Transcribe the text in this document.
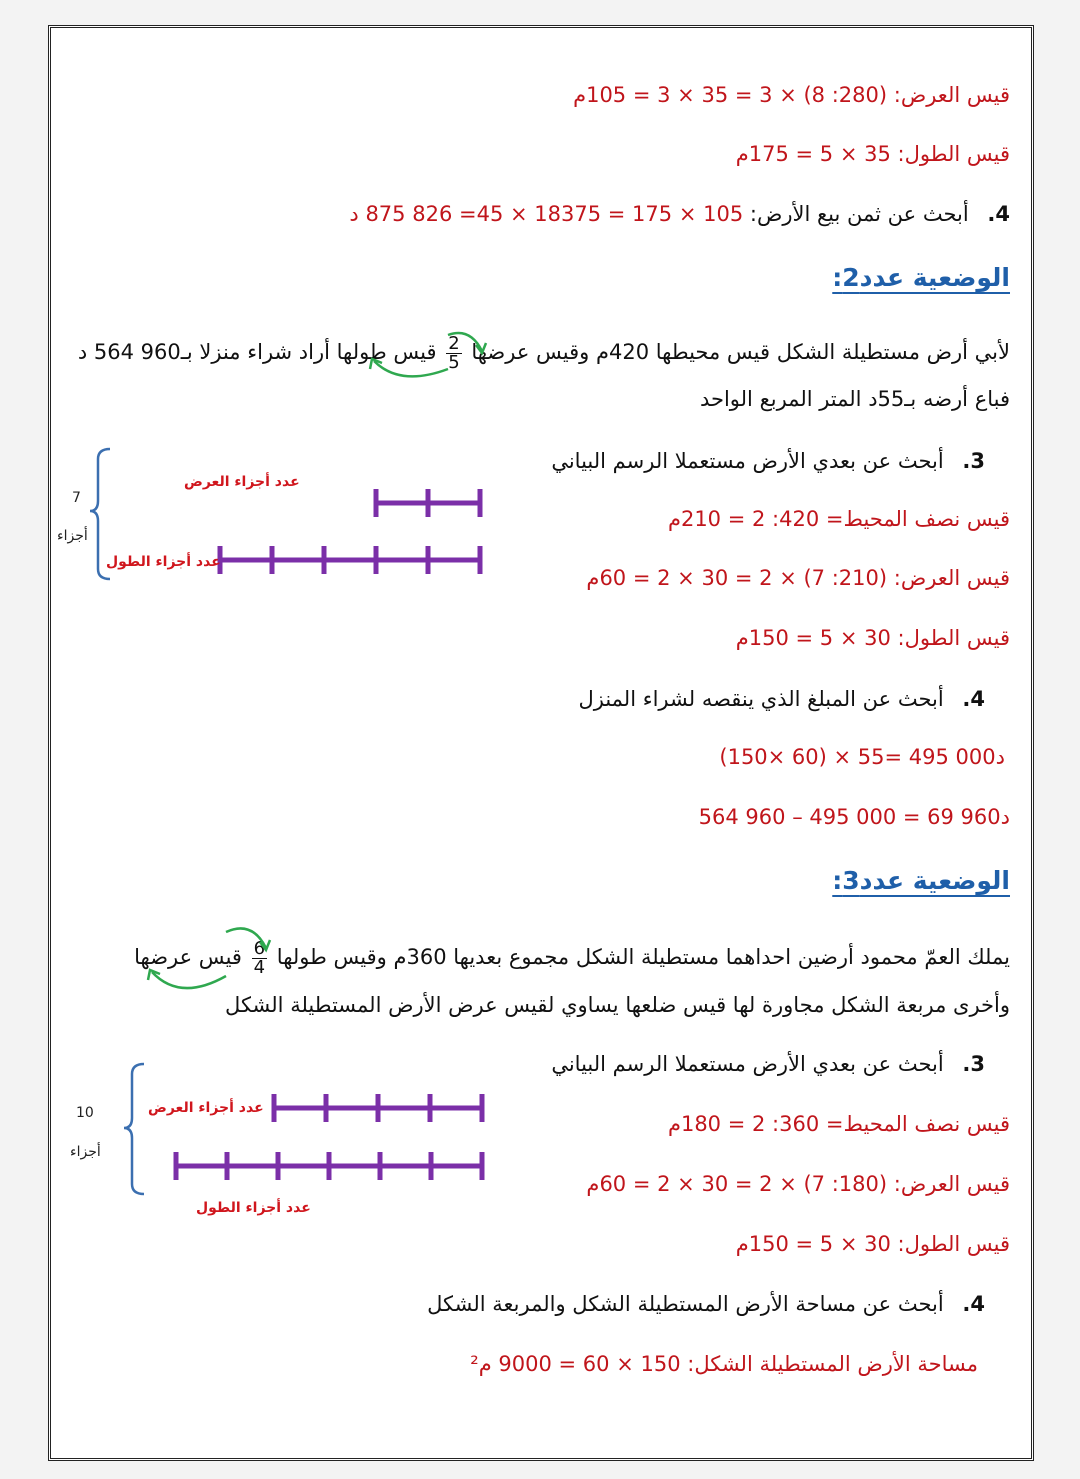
قيس العرض: (280: 8) × 3 = 35 × 3 = 105م
قيس الطول: 35 × 5 = 175م
4. أبحث عن ثمن بيع الأرض: 105 × 175 = 18375 × 45= 826 875 د
الوضعية عدد2:
لأبي أرض مستطيلة الشكل قيس محيطها 420م وقيس عرضها
$\frac{2}{5}$
قيس طولها أراد شراء منزلا بـ960 564 د
فباع أرضه بـ55د المتر المربع الواحد
3. أبحث عن بعدي الأرض مستعملا الرسم البياني
عدد أجزاء العرض
عدد أجزاء الطول
7
أجزاء
قيس نصف المحيط= 420: 2 = 210م
قيس العرض: (210: 7) × 2 = 30 × 2 = 60م
قيس الطول: 30 × 5 = 150م
4. أبحث عن المبلغ الذي ينقصه لشراء المنزل
(150× 60) × 55= 495 000د
564 960 – 495 000 = 69 960د
الوضعية عدد3:
يملك العمّ محمود أرضين احداهما مستطيلة الشكل مجموع بعديها 360م وقيس طولها
$\frac{6}{4}$
قيس عرضها
وأخرى مربعة الشكل مجاورة لها قيس ضلعها يساوي لقيس عرض الأرض المستطيلة الشكل
3. أبحث عن بعدي الأرض مستعملا الرسم البياني
عدد أجزاء العرض
عدد أجزاء الطول
10
أجزاء
قيس نصف المحيط= 360: 2 = 180م
قيس العرض: (180: 7) × 2 = 30 × 2 = 60م
قيس الطول: 30 × 5 = 150م
4. أبحث عن مساحة الأرض المستطيلة الشكل والمربعة الشكل
مساحة الأرض المستطيلة الشكل: 150 × 60 = 9000 م²
